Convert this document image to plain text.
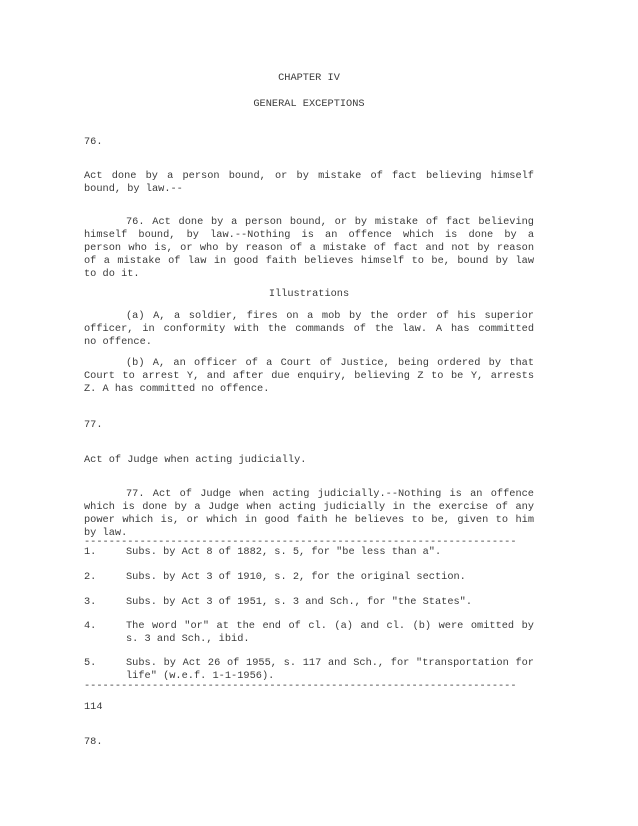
CHAPTER IV
GENERAL EXCEPTIONS
76.
Act done by a person bound, or by mistake of fact believing himself
bound, by law.--
76. Act done by a person bound, or by mistake of fact believing
himself bound, by law.--Nothing is an offence which is done by a
person who is, or who by reason of a mistake of fact and not by reason
of a mistake of law in good faith believes himself to be, bound by law
to do it.
Illustrations
(a) A, a soldier, fires on a mob by the order of his superior
officer, in conformity with the commands of the law. A has committed
no offence.
(b) A, an officer of a Court of Justice, being ordered by that
Court to arrest Y, and after due enquiry, believing Z to be Y, arrests
Z. A has committed no offence.
77.
Act of Judge when acting judicially.
77. Act of Judge when acting judicially.--Nothing is an offence
which is done by a Judge when acting judicially in the exercise of any
power which is, or which in good faith he believes to be, given to him
by law.
----------------------------------------------------------------------
1.	Subs. by Act 8 of 1882, s. 5, for "be less than a".
2.	Subs. by Act 3 of 1910, s. 2, for the original section.
3.	Subs. by Act 3 of 1951, s. 3 and Sch., for "the States".
4.	The word "or" at the end of cl. (a) and cl. (b) were omitted by
s. 3 and Sch., ibid.
5.	Subs. by Act 26 of 1955, s. 117 and Sch., for "transportation for
life" (w.e.f. 1-1-1956).
----------------------------------------------------------------------
114
78.
